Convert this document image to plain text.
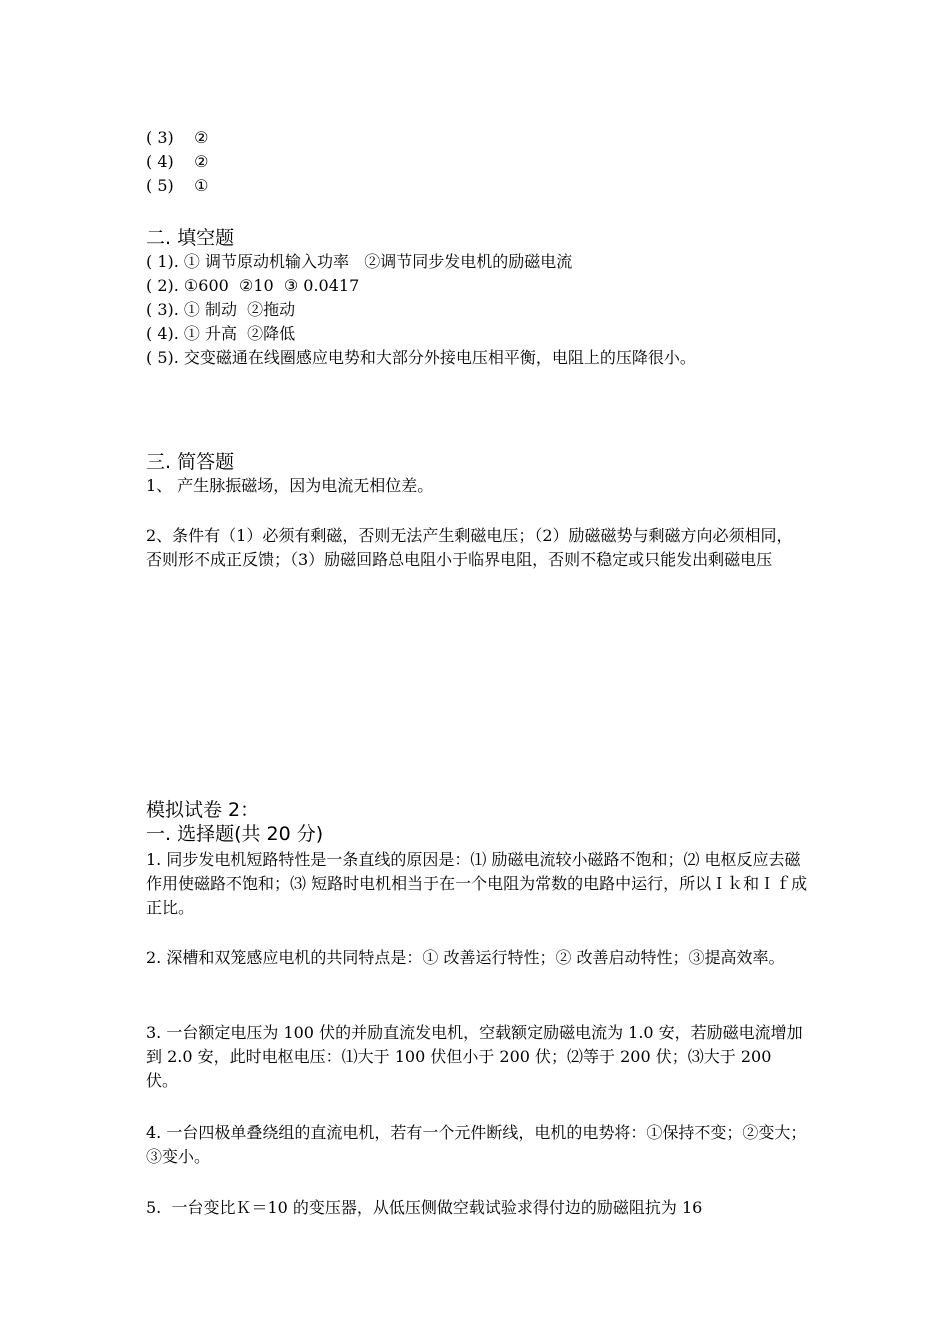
( 3)    ②
( 4)    ②
( 5)    ①
二. 填空题
( 1). ① 调节原动机输入功率   ②调节同步发电机的励磁电流
( 2). ①600  ②10  ③ 0.0417
( 3). ① 制动  ②拖动
( 4). ① 升高  ②降低
( 5). 交变磁通在线圈感应电势和大部分外接电压相平衡，电阻上的压降很小。
三. 简答题
1、 产生脉振磁场，因为电流无相位差。
2、条件有（1）必须有剩磁，否则无法产生剩磁电压；（2）励磁磁势与剩磁方向必须相同，否则形不成正反馈；（3）励磁回路总电阻小于临界电阻，否则不稳定或只能发出剩磁电压
模拟试卷 2：
一. 选择题(共 20 分)
1. 同步发电机短路特性是一条直线的原因是：⑴ 励磁电流较小磁路不饱和；⑵ 电枢反应去磁作用使磁路不饱和；⑶ 短路时电机相当于在一个电阻为常数的电路中运行，所以Ｉｋ和Ｉｆ成正比。
2. 深槽和双笼感应电机的共同特点是：① 改善运行特性；② 改善启动特性；③提高效率。
3. 一台额定电压为 100 伏的并励直流发电机，空载额定励磁电流为 1.0 安，若励磁电流增加到 2.0 安，此时电枢电压：⑴大于 100 伏但小于 200 伏；⑵等于 200 伏；⑶大于 200 伏。
4. 一台四极单叠绕组的直流电机，若有一个元件断线，电机的电势将：①保持不变；②变大；③变小。
5.  一台变比Ｋ＝10 的变压器，从低压侧做空载试验求得付边的励磁阻抗为 16
